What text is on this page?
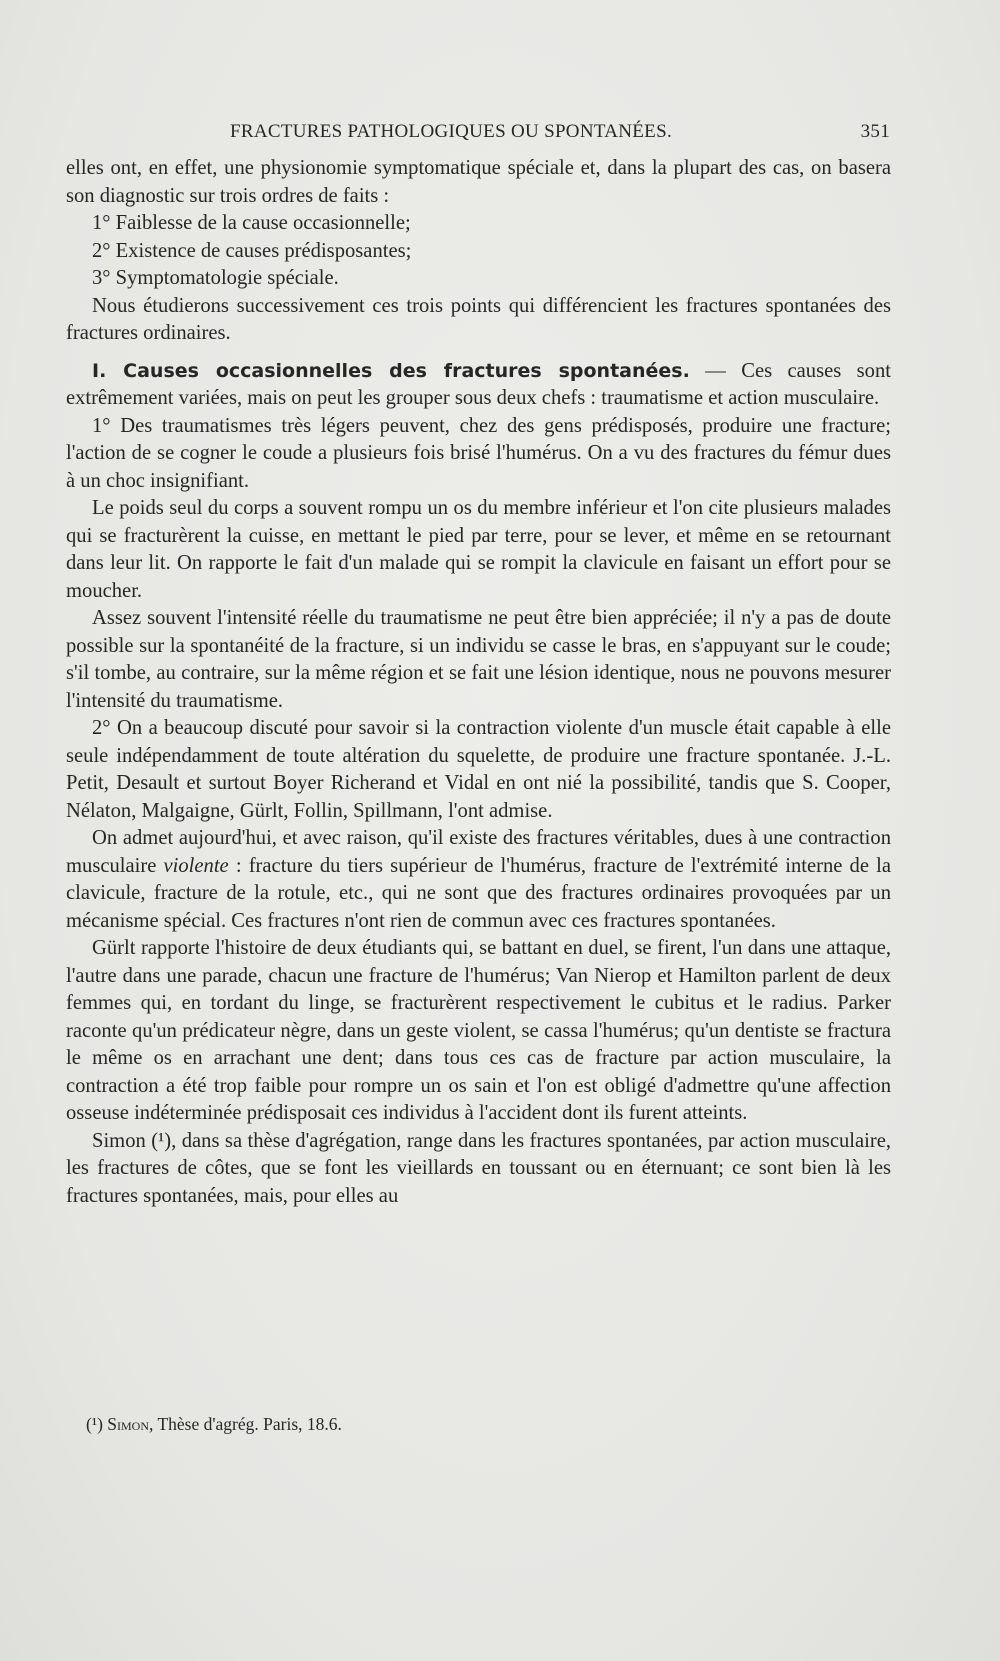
FRACTURES PATHOLOGIQUES OU SPONTANÉES.	351

elles ont, en effet, une physionomie symptomatique spéciale et, dans la plupart des cas, on basera son diagnostic sur trois ordres de faits :

1° Faiblesse de la cause occasionnelle;

2° Existence de causes prédisposantes;

3° Symptomatologie spéciale.

Nous étudierons successivement ces trois points qui différencient les fractures spontanées des fractures ordinaires.

I. Causes occasionnelles des fractures spontanées. — Ces causes sont extrêmement variées, mais on peut les grouper sous deux chefs : traumatisme et action musculaire.

1° Des traumatismes très légers peuvent, chez des gens prédisposés, produire une fracture; l'action de se cogner le coude a plusieurs fois brisé l'humérus. On a vu des fractures du fémur dues à un choc insignifiant.

Le poids seul du corps a souvent rompu un os du membre inférieur et l'on cite plusieurs malades qui se fracturèrent la cuisse, en mettant le pied par terre, pour se lever, et même en se retournant dans leur lit. On rapporte le fait d'un malade qui se rompit la clavicule en faisant un effort pour se moucher.

Assez souvent l'intensité réelle du traumatisme ne peut être bien appréciée; il n'y a pas de doute possible sur la spontanéité de la fracture, si un individu se casse le bras, en s'appuyant sur le coude; s'il tombe, au contraire, sur la même région et se fait une lésion identique, nous ne pouvons mesurer l'intensité du traumatisme.

2° On a beaucoup discuté pour savoir si la contraction violente d'un muscle était capable à elle seule indépendamment de toute altération du squelette, de produire une fracture spontanée. J.-L. Petit, Desault et surtout Boyer Richerand et Vidal en ont nié la possibilité, tandis que S. Cooper, Nélaton, Malgaigne, Gürlt, Follin, Spillmann, l'ont admise.

On admet aujourd'hui, et avec raison, qu'il existe des fractures véritables, dues à une contraction musculaire violente : fracture du tiers supérieur de l'humérus, fracture de l'extrémité interne de la clavicule, fracture de la rotule, etc., qui ne sont que des fractures ordinaires provoquées par un mécanisme spécial. Ces fractures n'ont rien de commun avec ces fractures spontanées.

Gürlt rapporte l'histoire de deux étudiants qui, se battant en duel, se firent, l'un dans une attaque, l'autre dans une parade, chacun une fracture de l'humérus; Van Nierop et Hamilton parlent de deux femmes qui, en tordant du linge, se fracturèrent respectivement le cubitus et le radius. Parker raconte qu'un prédicateur nègre, dans un geste violent, se cassa l'humérus; qu'un dentiste se fractura le même os en arrachant une dent; dans tous ces cas de fracture par action musculaire, la contraction a été trop faible pour rompre un os sain et l'on est obligé d'admettre qu'une affection osseuse indéterminée prédisposait ces individus à l'accident dont ils furent atteints.

Simon (¹), dans sa thèse d'agrégation, range dans les fractures spontanées, par action musculaire, les fractures de côtes, que se font les vieillards en toussant ou en éternuant; ce sont bien là les fractures spontanées, mais, pour elles au

(¹) Simon, Thèse d'agrég. Paris, 18.6.
